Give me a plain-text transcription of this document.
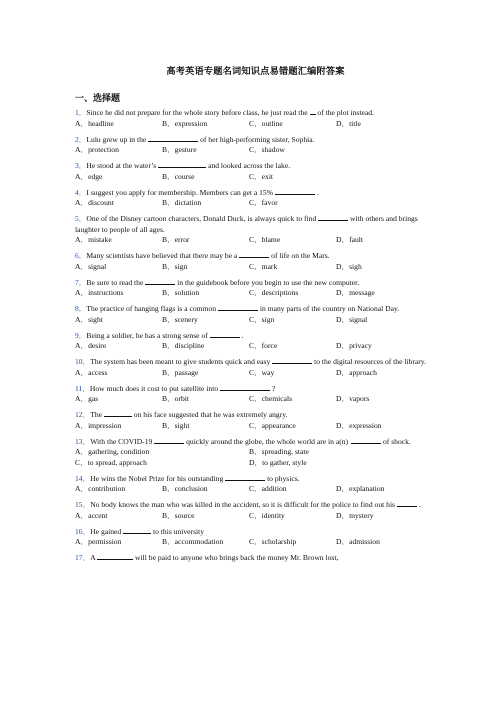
高考英语专题名词知识点易错题汇编附答案
一、选择题

1．Since he did not prepare for the whole story before class, he just read the  of the plot instead.

A．headline	B．expression	C．outline	D．title

2．Lulu grew up in the	of her high-performing sister, Sophia.

A．protection	B．gesture	C．shadow

3．He stood at the water’s	and looked across the lake.

A．edge	B．course	C．exit

4．I suggest you apply for membership. Members can get a 15%	.

A．discount	B．dictation	C．favor

5．One of the Disney cartoon characters, Donald Duck, is always quick to find	with others and brings laughter to people of all ages.

A．mistake	B．error	C．blame	D．fault

6．Many scientists have believed that there may be a	of life on the Mars.

A．signal	B．sign	C．mark	D．sigh

7．Be sure to read the	in the guidebook before you begin to use the new computer.

A．instructions	B．solution	C．descriptions	D．message

8．The practice of hanging flags is a common	in many parts of the country on National Day.

A．sight	B．scenery	C．sign	D．signal

9．Being a soldier, he has a strong sense of	.

A．desire	B．discipline	C．force	D．privacy

10．The system has been meant to give students quick and easy	to the digital resources of the library.

A．access	B．passage	C．way	D．approach

11．How much does it cost to put satellite into	?

A．gas	B．orbit	C．chemicals	D．vapors

12．The	on his face suggested that he was extremely angry.

A．impression	B．sight	C．appearance	D．expression

13．With the COVID-19	quickly around the globe, the whole world are in a(n)	of shock.

A．gathering, condition	B．spreading, state
C．to spread, approach	D．to gather, style

14．He wins the Nobel Prize for his outstanding	to physics.

A．contribution	B．conclusion	C．addition	D．explanation

15．No body knows the man who was killed in the accident, so it is difficult for the police to find out his	.

A．accent	B．source	C．identity	D．mystery

16．He gained	to this university

A．permission	B．accommodation	C．scholarship	D．admission

17．A	will be paid to anyone who brings back the money Mr. Brown lost,
